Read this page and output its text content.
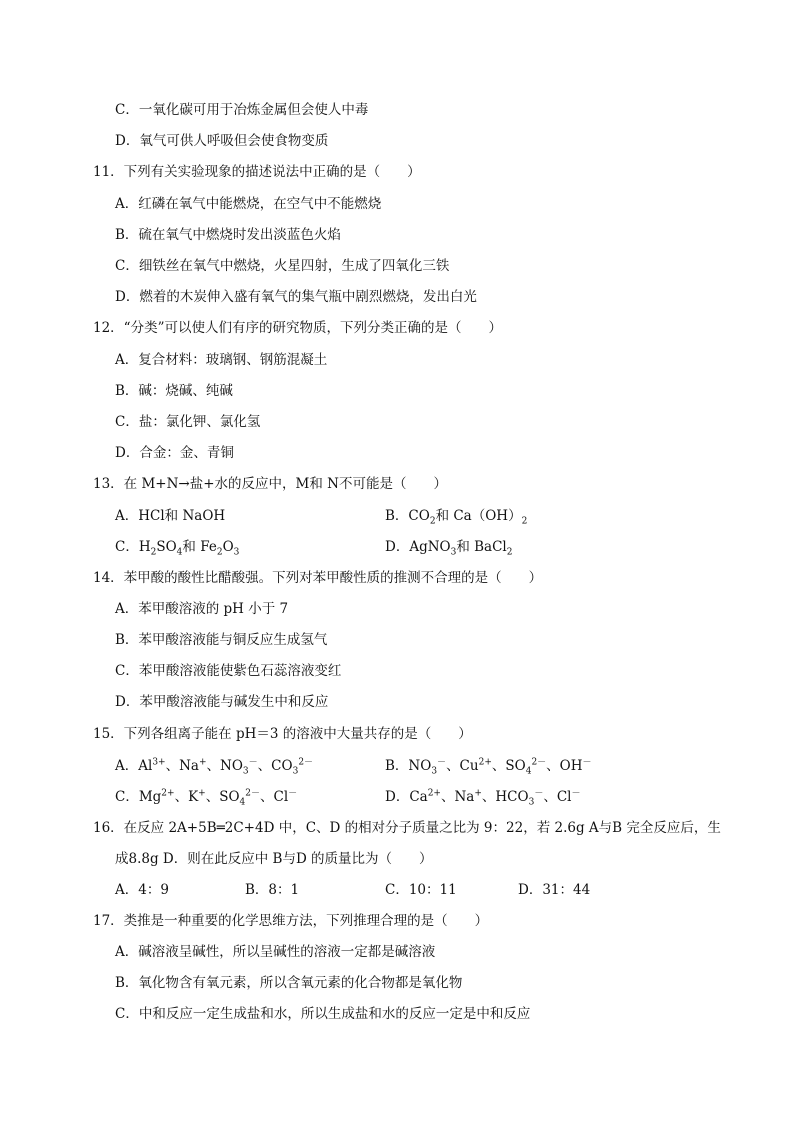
C．一氧化碳可用于冶炼金属但会使人中毒
D．氧气可供人呼吸但会使食物变质
11．下列有关实验现象的描述说法中正确的是（　　）
A．红磷在氧气中能燃烧，在空气中不能燃烧
B．硫在氧气中燃烧时发出淡蓝色火焰
C．细铁丝在氧气中燃烧，火星四射，生成了四氧化三铁
D．燃着的木炭伸入盛有氧气的集气瓶中剧烈燃烧，发出白光
12．“分类”可以使人们有序的研究物质，下列分类正确的是（　　）
A．复合材料：玻璃钢、钢筋混凝土
B．碱：烧碱、纯碱
C．盐：氯化钾、氯化氢
D．合金：金、青铜
13．在 M+N→盐+水的反应中，M和 N不可能是（　　）
A．HCl和 NaOH	B．$CO_2$和 $Ca(OH)_2$
C．$H_2SO_4$和 $Fe_2O_3$	D．AgNO$_3$和 BaCl$_2$
14．苯甲酸的酸性比醋酸强。下列对苯甲酸性质的推测不合理的是（　　）
A．苯甲酸溶液的 pH 小于 7
B．苯甲酸溶液能与铜反应生成氢气
C．苯甲酸溶液能使紫色石蕊溶液变红
D．苯甲酸溶液能与碱发生中和反应
15．下列各组离子能在 pH＝3 的溶液中大量共存的是（　　）
A．$Al^{3+}$、Na+、$NO_3^-$、$CO_3^{2-}$	B．$NO_3^-$、$Cu^{2+}$、$SO_4^{2-}$、OH－
C．$Mg^{2+}$、K+、$SO_4^{2-}$、Cl－	D．$Ca^{2+}$、Na+、$HCO_3^-$、Cl－
16．在反应 2A+5B═2C+4D 中，C、D 的相对分子质量之比为 9：22，若 2.6g A与B 完全反应后，生
成8.8g D．则在此反应中 B与D 的质量比为（　　）
A．4：9	B．8：1	C．10：11	D．31：44
17．类推是一种重要的化学思维方法，下列推理合理的是（　　）
A．碱溶液呈碱性，所以呈碱性的溶液一定都是碱溶液
B．氧化物含有氧元素，所以含氧元素的化合物都是氧化物
C．中和反应一定生成盐和水，所以生成盐和水的反应一定是中和反应
